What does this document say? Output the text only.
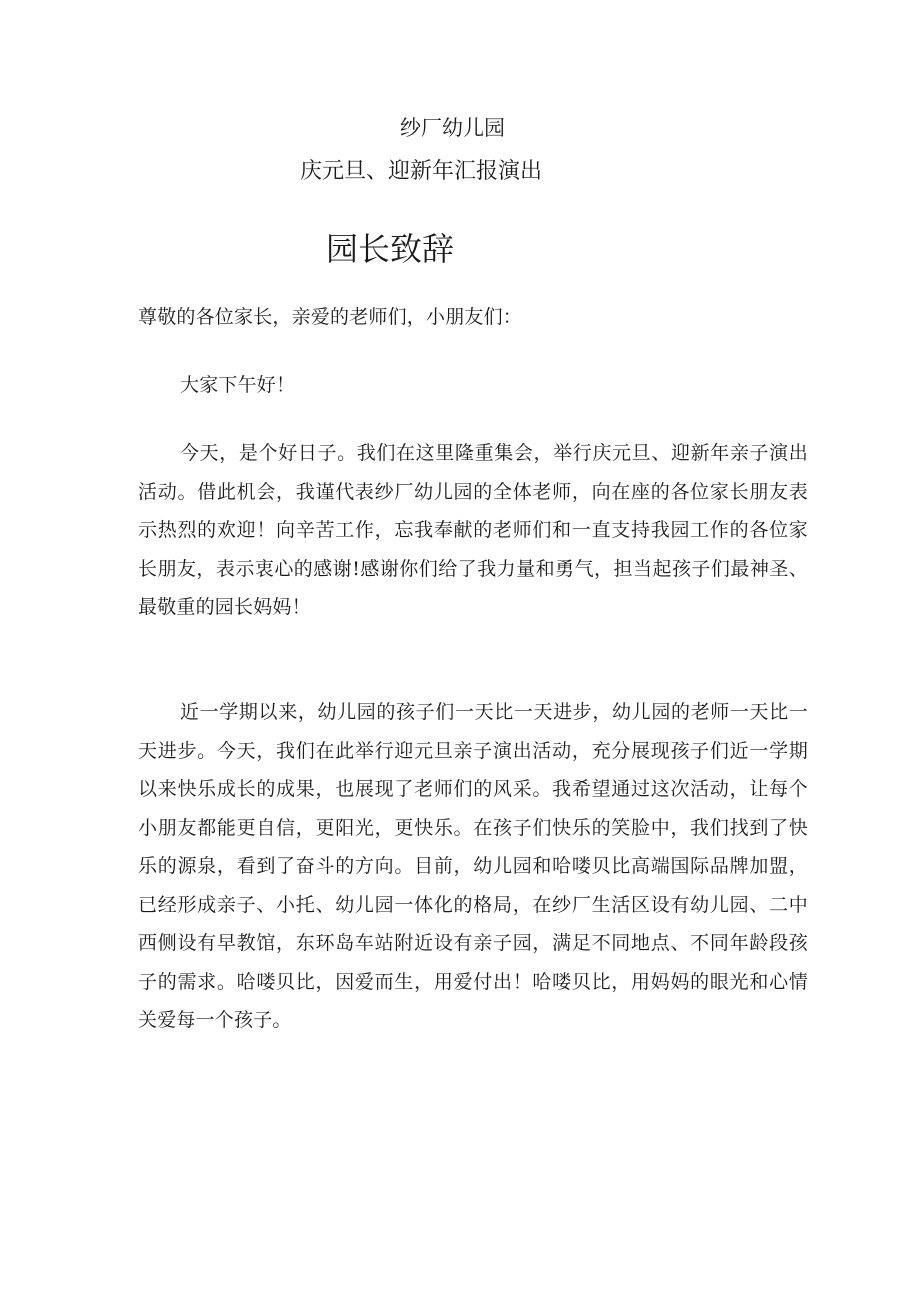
纱厂幼儿园
庆元旦、迎新年汇报演出
园长致辞
尊敬的各位家长，亲爱的老师们，小朋友们：
大家下午好！
今天，是个好日子。我们在这里隆重集会，举行庆元旦、迎新年亲子演出活动。借此机会，我谨代表纱厂幼儿园的全体老师，向在座的各位家长朋友表示热烈的欢迎！向辛苦工作，忘我奉献的老师们和一直支持我园工作的各位家长朋友，表示衷心的感谢!感谢你们给了我力量和勇气，担当起孩子们最神圣、最敬重的园长妈妈！
近一学期以来，幼儿园的孩子们一天比一天进步，幼儿园的老师一天比一天进步。今天，我们在此举行迎元旦亲子演出活动，充分展现孩子们近一学期以来快乐成长的成果，也展现了老师们的风采。我希望通过这次活动，让每个小朋友都能更自信，更阳光，更快乐。在孩子们快乐的笑脸中，我们找到了快乐的源泉，看到了奋斗的方向。目前，幼儿园和哈喽贝比高端国际品牌加盟，已经形成亲子、小托、幼儿园一体化的格局，在纱厂生活区设有幼儿园、二中西侧设有早教馆，东环岛车站附近设有亲子园，满足不同地点、不同年龄段孩子的需求。哈喽贝比，因爱而生，用爱付出！哈喽贝比，用妈妈的眼光和心情关爱每一个孩子。
